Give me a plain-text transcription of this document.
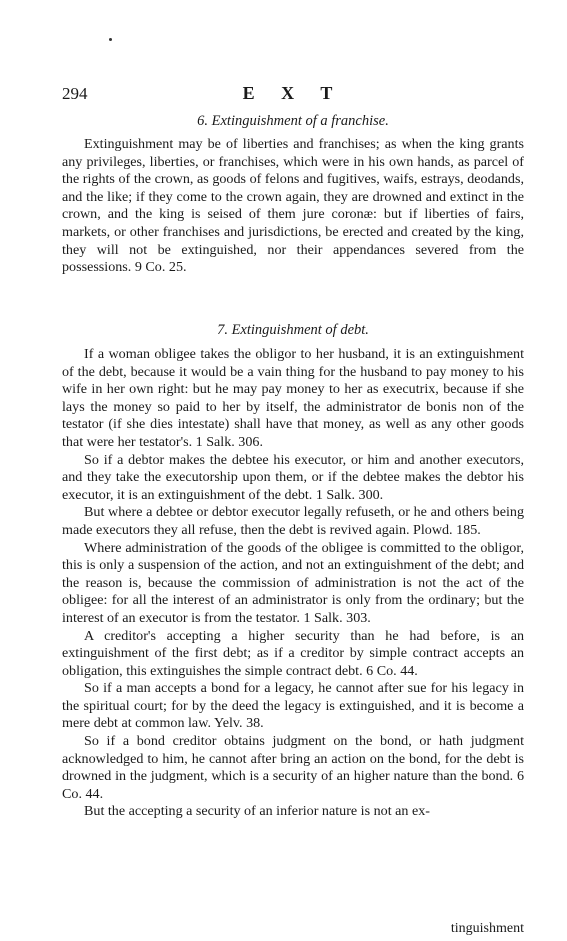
294	E X T

6. Extinguishment of a franchise.

Extinguishment may be of liberties and franchises; as when the king grants any privileges, liberties, or franchises, which were in his own hands, as parcel of the rights of the crown, as goods of felons and fugitives, waifs, estrays, deodands, and the like; if they come to the crown again, they are drowned and extinct in the crown, and the king is seised of them jure coronæ: but if liberties of fairs, markets, or other franchises and jurisdictions, be erected and created by the king, they will not be extinguished, nor their appendances severed from the possessions. 9 Co. 25.

7. Extinguishment of debt.

If a woman obligee takes the obligor to her husband, it is an extinguishment of the debt, because it would be a vain thing for the husband to pay money to his wife in her own right: but he may pay money to her as executrix, because if she lays the money so paid to her by itself, the administrator de bonis non of the testator (if she dies intestate) shall have that money, as well as any other goods that were her testator's. 1 Salk. 306.

So if a debtor makes the debtee his executor, or him and another executors, and they take the executorship upon them, or if the debtee makes the debtor his executor, it is an extinguishment of the debt. 1 Salk. 300.

But where a debtee or debtor executor legally refuseth, or he and others being made executors they all refuse, then the debt is revived again. Plowd. 185.

Where administration of the goods of the obligee is committed to the obligor, this is only a suspension of the action, and not an extinguishment of the debt; and the reason is, because the commission of administration is not the act of the obligee: for all the interest of an administrator is only from the ordinary; but the interest of an executor is from the testator. 1 Salk. 303.

A creditor's accepting a higher security than he had before, is an extinguishment of the first debt; as if a creditor by simple contract accepts an obligation, this extinguishes the simple contract debt. 6 Co. 44.

So if a man accepts a bond for a legacy, he cannot after sue for his legacy in the spiritual court; for by the deed the legacy is extinguished, and it is become a mere debt at common law. Yelv. 38.

So if a bond creditor obtains judgment on the bond, or hath judgment acknowledged to him, he cannot after bring an action on the bond, for the debt is drowned in the judgment, which is a security of an higher nature than the bond. 6 Co. 44.

But the accepting a security of an inferior nature is not an ex-

tinguishment
